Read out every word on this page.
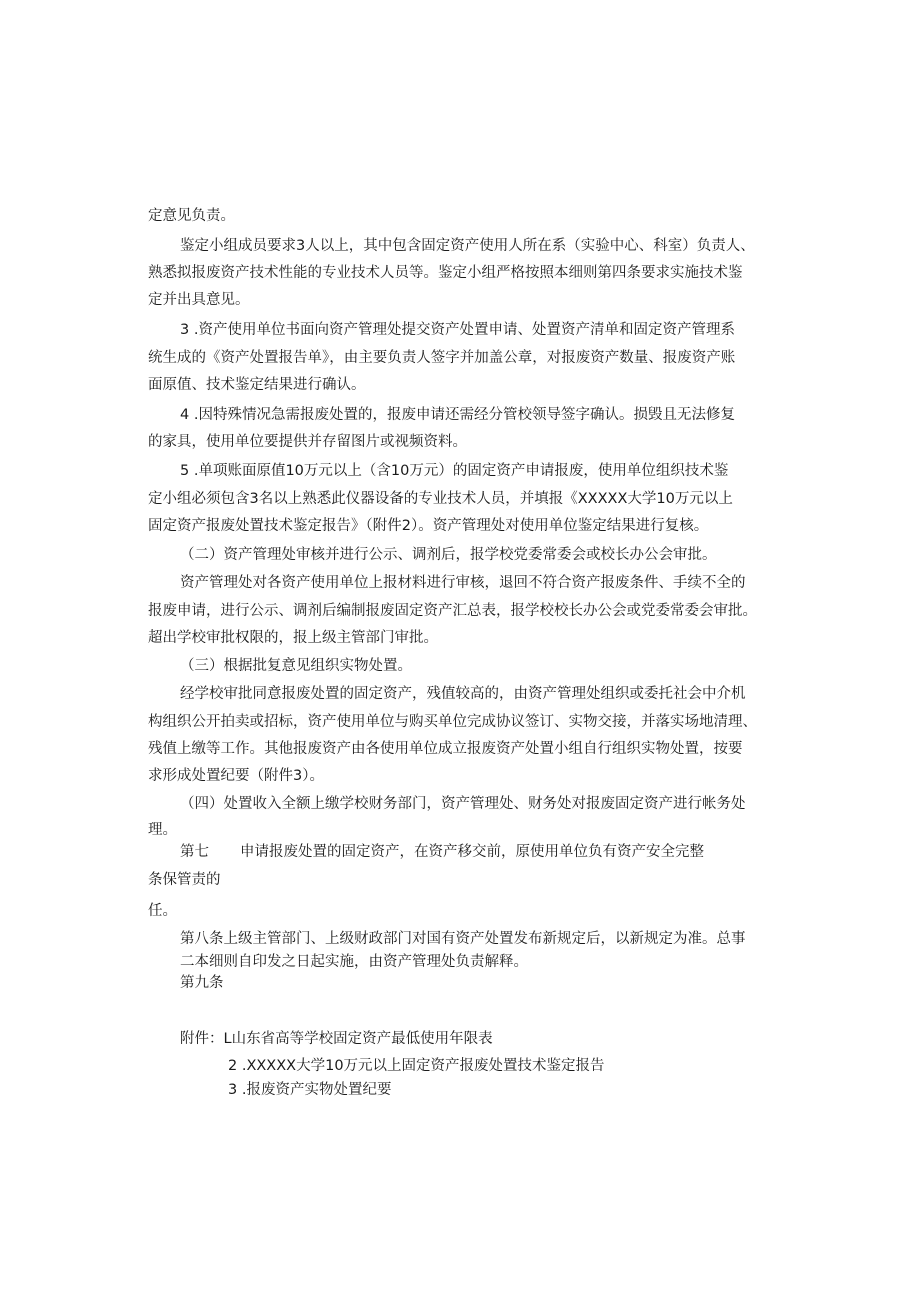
定意见负责。
鉴定小组成员要求3人以上，其中包含固定资产使用人所在系（实验中心、科室）负责人、
熟悉拟报废资产技术性能的专业技术人员等。鉴定小组严格按照本细则第四条要求实施技术鉴
定并出具意见。
3 .资产使用单位书面向资产管理处提交资产处置申请、处置资产清单和固定资产管理系
统生成的《资产处置报告单》，由主要负责人签字并加盖公章，对报废资产数量、报废资产账
面原值、技术鉴定结果进行确认。
4 .因特殊情况急需报废处置的，报废申请还需经分管校领导签字确认。损毁且无法修复
的家具，使用单位要提供并存留图片或视频资料。
5 .单项账面原值10万元以上（含10万元）的固定资产申请报废，使用单位组织技术鉴
定小组必须包含3名以上熟悉此仪器设备的专业技术人员，并填报《XXXXX大学10万元以上
固定资产报废处置技术鉴定报告》（附件2）。资产管理处对使用单位鉴定结果进行复核。
（二）资产管理处审核并进行公示、调剂后，报学校党委常委会或校长办公会审批。
资产管理处对各资产使用单位上报材料进行审核，退回不符合资产报废条件、手续不全的
报废申请，进行公示、调剂后编制报废固定资产汇总表，报学校校长办公会或党委常委会审批。
超出学校审批权限的，报上级主管部门审批。
（三）根据批复意见组织实物处置。
经学校审批同意报废处置的固定资产，残值较高的，由资产管理处组织或委托社会中介机
构组织公开拍卖或招标，资产使用单位与购买单位完成协议签订、实物交接，并落实场地清理、
残值上缴等工作。其他报废资产由各使用单位成立报废资产处置小组自行组织实物处置，按要
求形成处置纪要（附件3）。
（四）处置收入全额上缴学校财务部门，资产管理处、财务处对报废固定资产进行帐务处
理。
第七 申请报废处置的固定资产，在资产移交前，原使用单位负有资产安全完整
条保管责的
任。
第八条上级主管部门、上级财政部门对国有资产处置发布新规定后，以新规定为准。总事
二本细则自印发之日起实施，由资产管理处负责解释。
第九条
附件：L山东省高等学校固定资产最低使用年限表
2 .XXXXX大学10万元以上固定资产报废处置技术鉴定报告
3 .报废资产实物处置纪要
